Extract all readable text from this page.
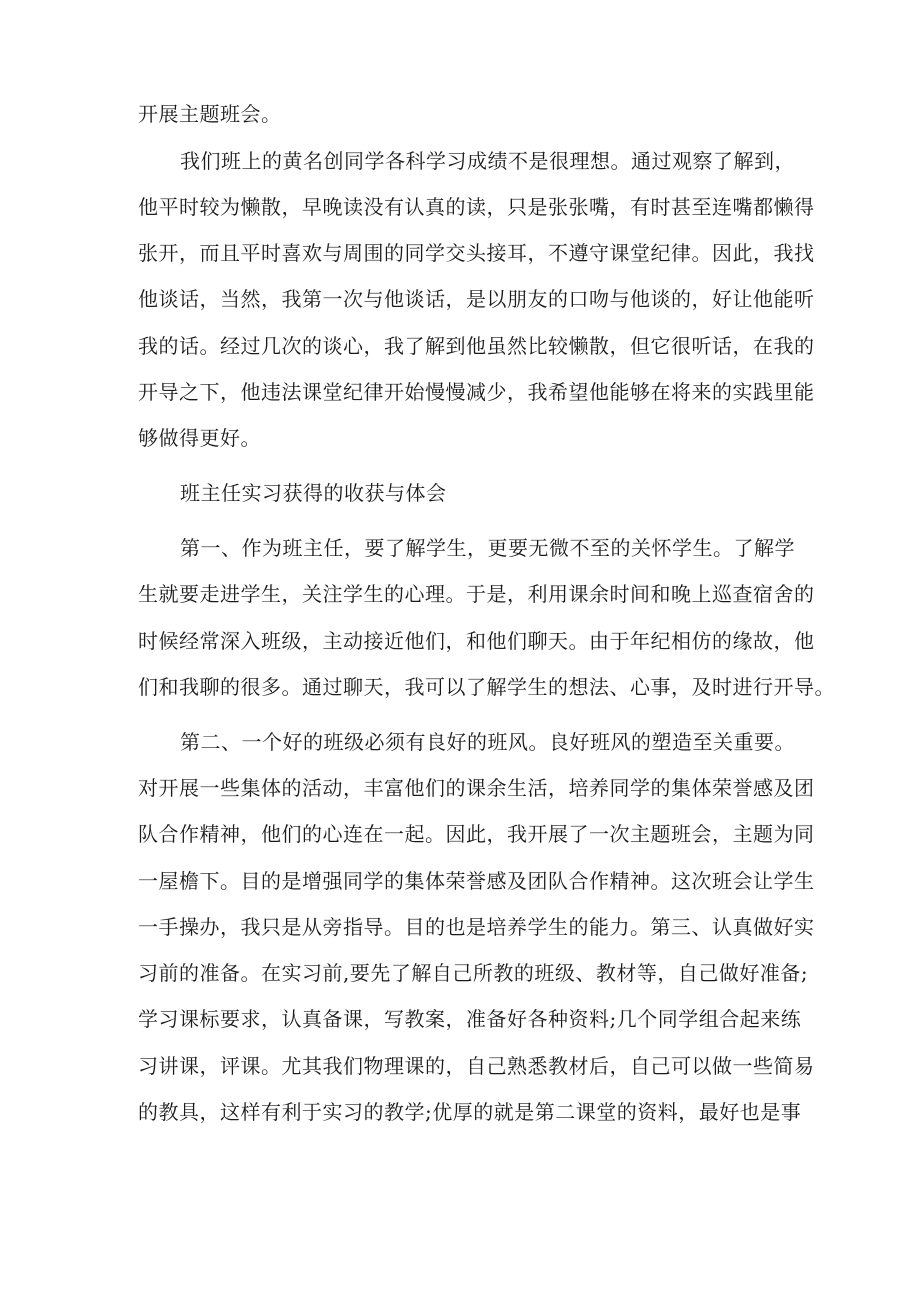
开展主题班会。
我们班上的黄名创同学各科学习成绩不是很理想。通过观察了解到，
他平时较为懒散，早晚读没有认真的读，只是张张嘴，有时甚至连嘴都懒得
张开，而且平时喜欢与周围的同学交头接耳，不遵守课堂纪律。因此，我找
他谈话，当然，我第一次与他谈话，是以朋友的口吻与他谈的，好让他能听
我的话。经过几次的谈心，我了解到他虽然比较懒散，但它很听话，在我的
开导之下，他违法课堂纪律开始慢慢减少，我希望他能够在将来的实践里能
够做得更好。
班主任实习获得的收获与体会
第一、作为班主任，要了解学生，更要无微不至的关怀学生。了解学
生就要走进学生，关注学生的心理。于是，利用课余时间和晚上巡查宿舍的
时候经常深入班级，主动接近他们，和他们聊天。由于年纪相仿的缘故，他
们和我聊的很多。通过聊天，我可以了解学生的想法、心事，及时进行开导。
第二、一个好的班级必须有良好的班风。良好班风的塑造至关重要。
对开展一些集体的活动，丰富他们的课余生活，培养同学的集体荣誉感及团
队合作精神，他们的心连在一起。因此，我开展了一次主题班会，主题为同
一屋檐下。目的是增强同学的集体荣誉感及团队合作精神。这次班会让学生
一手操办，我只是从旁指导。目的也是培养学生的能力。第三、认真做好实
习前的准备。在实习前,要先了解自己所教的班级、教材等，自己做好准备;
学习课标要求，认真备课，写教案，准备好各种资料;几个同学组合起来练
习讲课，评课。尤其我们物理课的，自己熟悉教材后，自己可以做一些简易
的教具，这样有利于实习的教学;优厚的就是第二课堂的资料，最好也是事
